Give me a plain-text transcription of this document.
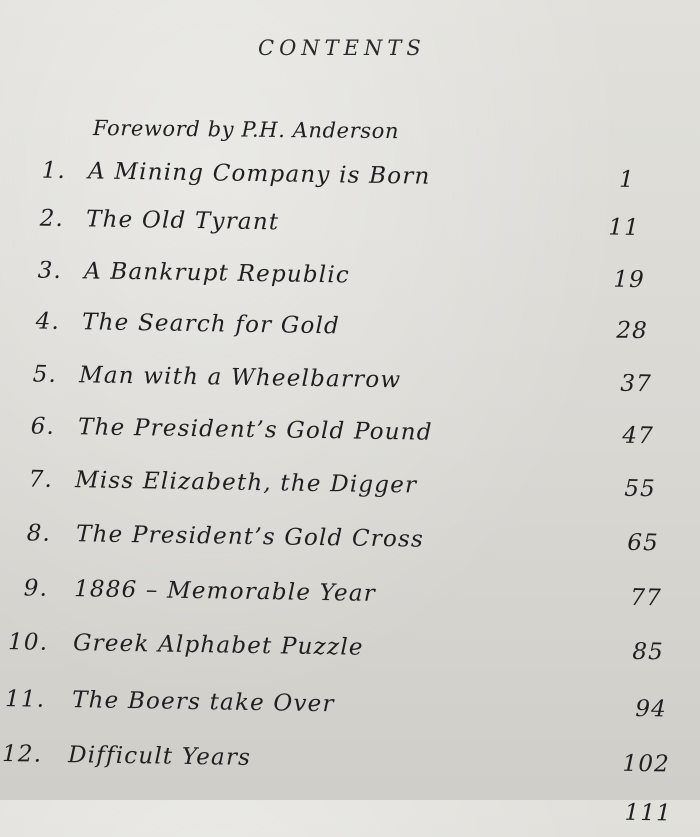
CONTENTS
Foreword by P.H. Anderson
1. A Mining Company is Born	1
2. The Old Tyrant	11
3. A Bankrupt Republic	19
4. The Search for Gold	28
5. Man with a Wheelbarrow	37
6. The President’s Gold Pound	47
7. Miss Elizabeth, the Digger	55
8. The President’s Gold Cross	65
9. 1886 – Memorable Year	77
10. Greek Alphabet Puzzle	85
11. The Boers take Over	94
12. Difficult Years	102
111
